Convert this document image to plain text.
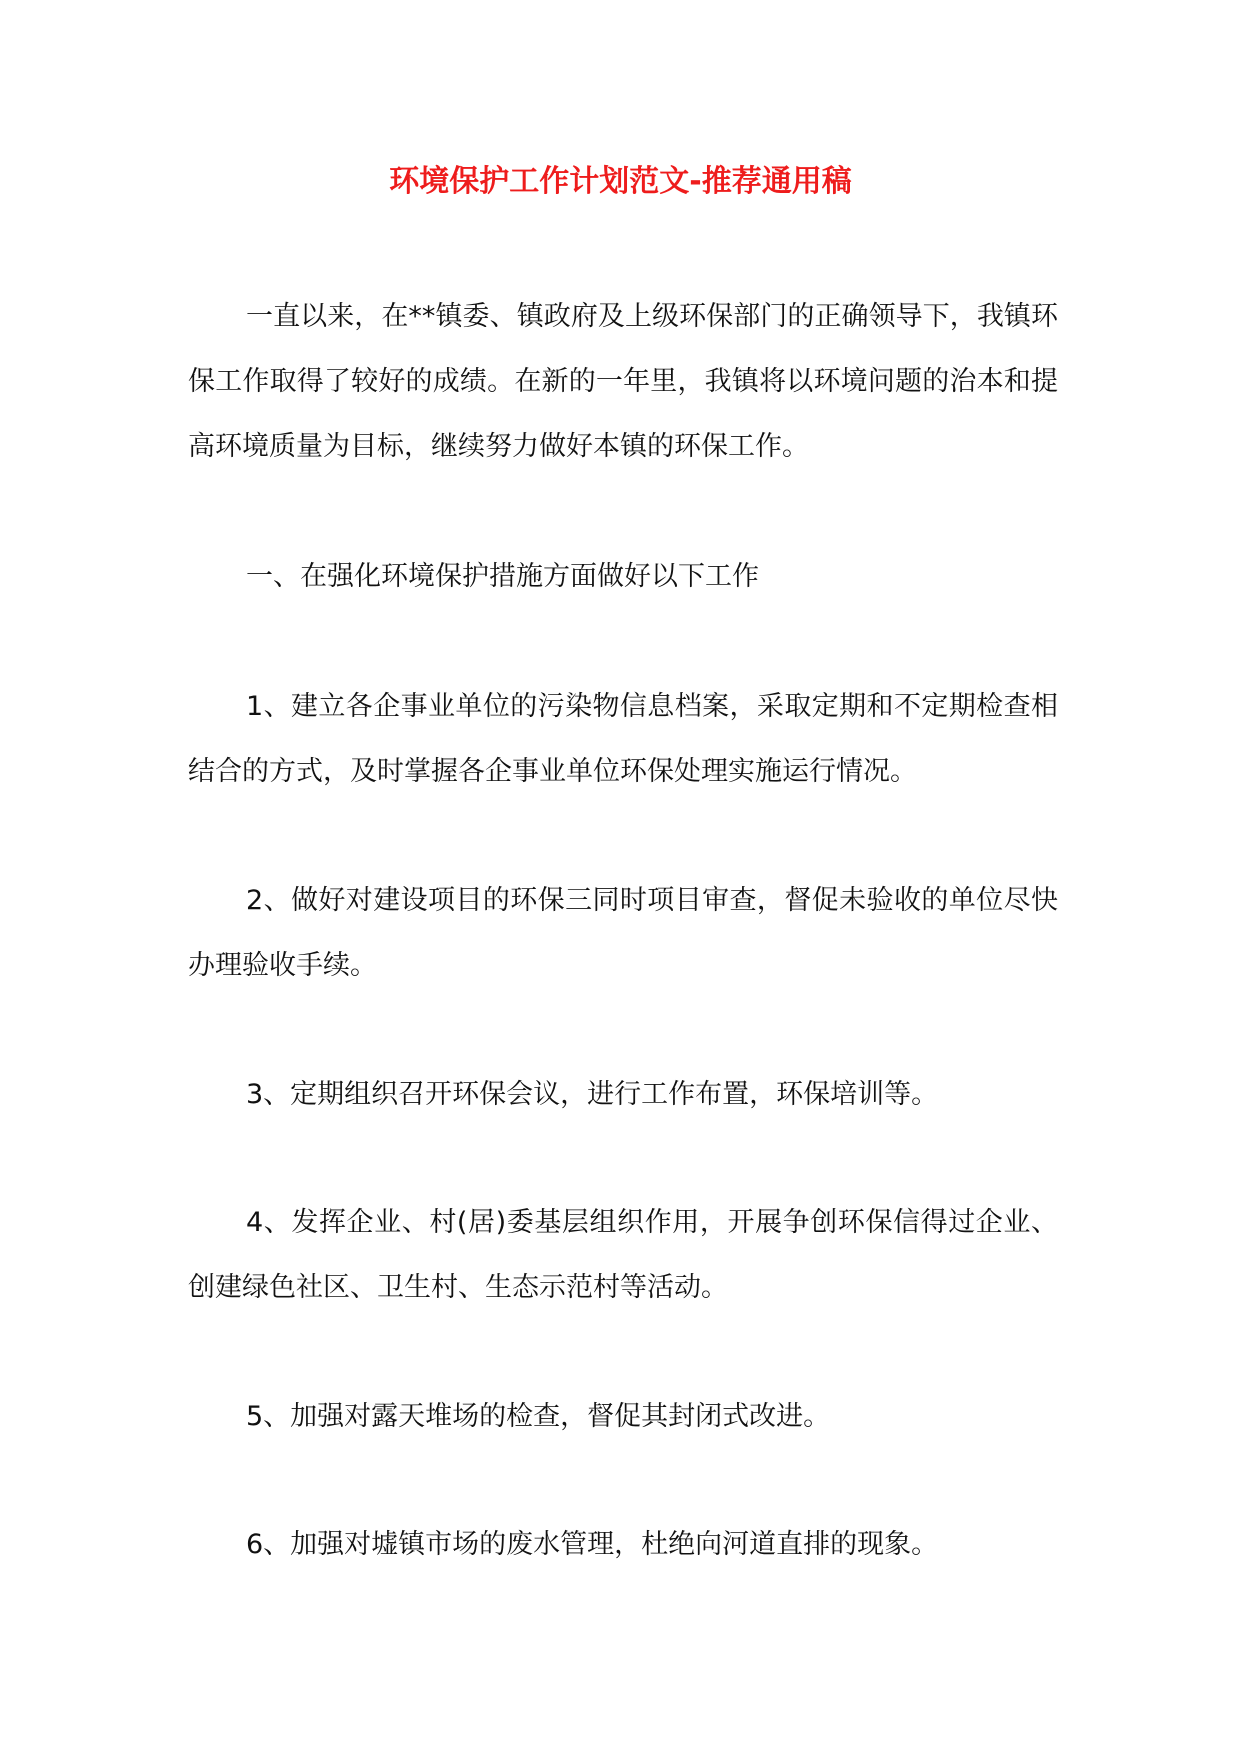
环境保护工作计划范文-推荐通用稿

一直以来，在**镇委、镇政府及上级环保部门的正确领导下，我镇环保工作取得了较好的成绩。在新的一年里，我镇将以环境问题的治本和提高环境质量为目标，继续努力做好本镇的环保工作。

一、在强化环境保护措施方面做好以下工作

1、建立各企事业单位的污染物信息档案，采取定期和不定期检查相结合的方式，及时掌握各企事业单位环保处理实施运行情况。

2、做好对建设项目的环保三同时项目审查，督促未验收的单位尽快办理验收手续。

3、定期组织召开环保会议，进行工作布置，环保培训等。

4、发挥企业、村(居)委基层组织作用，开展争创环保信得过企业、创建绿色社区、卫生村、生态示范村等活动。

5、加强对露天堆场的检查，督促其封闭式改进。

6、加强对墟镇市场的废水管理，杜绝向河道直排的现象。
